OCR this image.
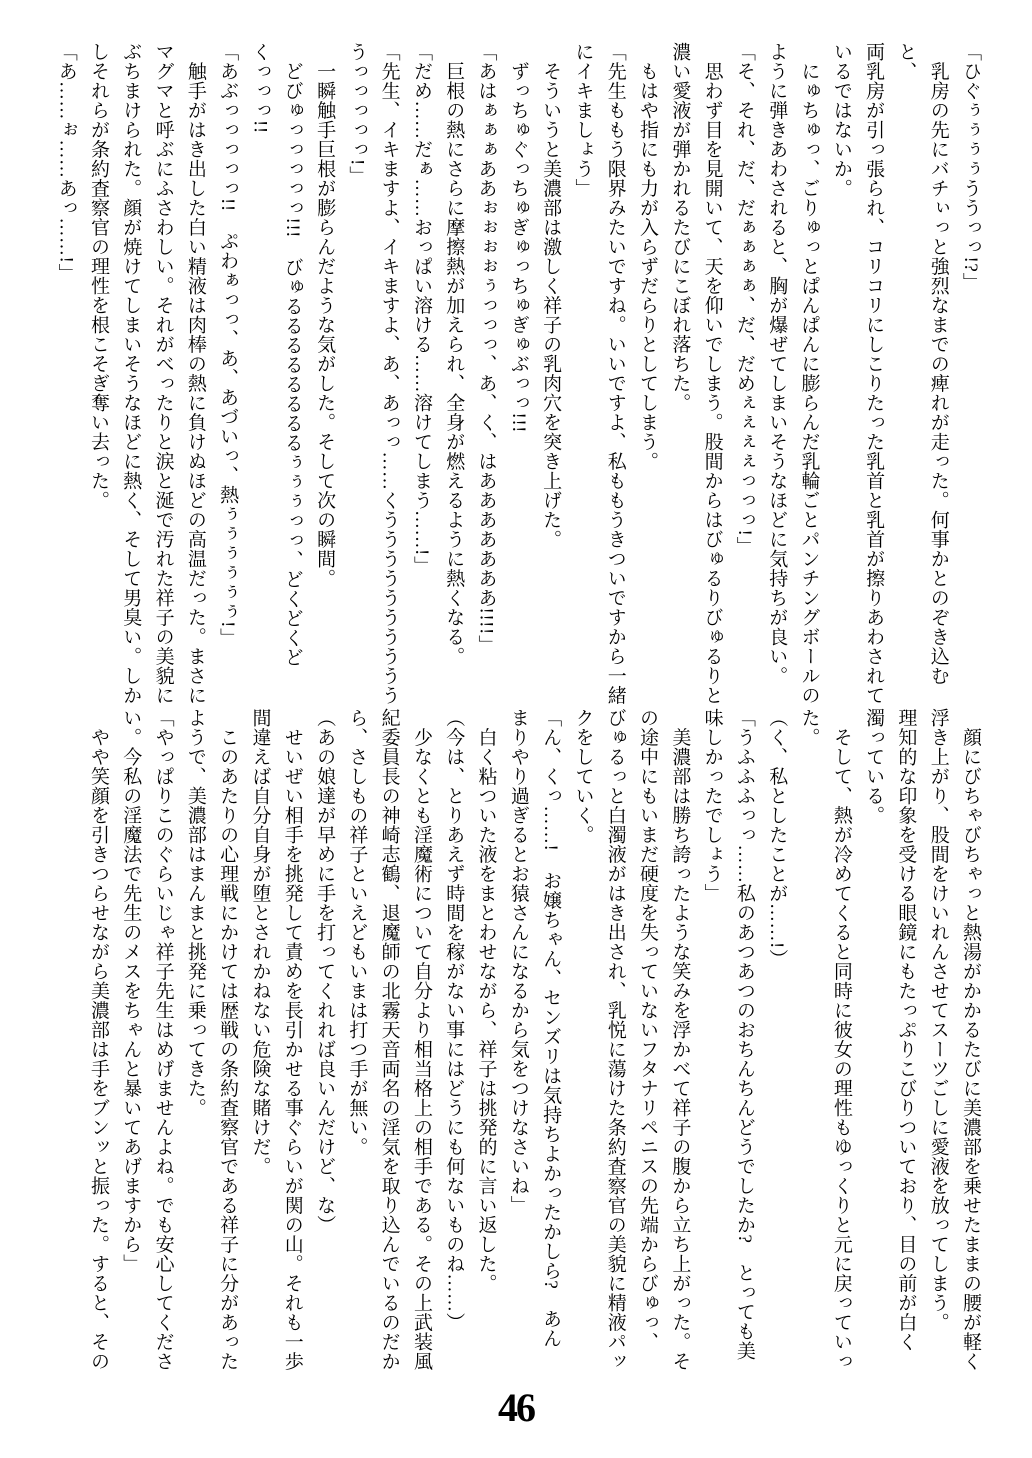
「ひぐぅぅぅぅううっっ!?」
　乳房の先にバチぃっと強烈なまでの痺れが走った。何事かとのぞき込むと、
両乳房が引っ張られ、コリコリにしこりたった乳首と乳首が擦りあわされて
いるではないか。
　にゅちゅっ、ごりゅっとぱんぱんに膨らんだ乳輪ごとパンチングボールの
ように弾きあわされると、胸が爆ぜてしまいそうなほどに気持ちが良い。
「そ、それ、だ、だぁぁぁぁ、だ、だめぇぇぇぇっっっ!」
　思わず目を見開いて、天を仰いでしまう。股間からはびゅるりびゅるりと
濃い愛液が弾かれるたびにこぼれ落ちた。
　もはや指にも力が入らずだらりとしてしまう。
「先生ももう限界みたいですね。いいですよ、私ももうきついですから一緒
にイキましょう」
　そういうと美濃部は激しく祥子の乳肉穴を突き上げた。
　ずっちゅぐっちゅぎゅっちゅぎゅぶっっ!!!
「あはぁぁぁああぉぉぉぉぅっっっ、あ、く、はあああああああ!!!!」
　巨根の熱にさらに摩擦熱が加えられ、全身が燃えるように熱くなる。
「だめ……だぁ……おっぱい溶ける……溶けてしまう……!」
「先生、イキますよ、イキますよ、あ、あっっ……くうううううううううう
うっっっっっ!」
　一瞬触手巨根が膨らんだような気がした。そして次の瞬間。
　どびゅっっっっっ!!!　びゅるるるるるるるるぅぅぅっっ、どくどくど
くっっっ!!
「あぶっっっっっ!!　ぷわぁっっ、あ、あづいっ、熱ぅぅぅぅぅぅ!」
　触手がはき出した白い精液は肉棒の熱に負けぬほどの高温だった。まさに
マグマと呼ぶにふさわしい。それがべったりと涙と涎で汚れた祥子の美貌に
ぶちまけられた。顔が焼けてしまいそうなほどに熱く、そして男臭い。しか
しそれらが条約査察官の理性を根こそぎ奪い去った。
「あ……ぉ……あっ……!」
　顔にびちゃびちゃっと熱湯がかかるたびに美濃部を乗せたままの腰が軽く
浮き上がり、股間をけいれんさせてスーツごしに愛液を放ってしまう。
理知的な印象を受ける眼鏡にもたっぷりこびりついており、目の前が白く
濁っている。
　そして、熱が冷めてくると同時に彼女の理性もゆっくりと元に戻っていっ
た。
（く、私としたことが……!）
「うふふふっっ……私のあつあつのおちんちんどうでしたか?　とっても美
味しかったでしょう」
　美濃部は勝ち誇ったような笑みを浮かべて祥子の腹から立ち上がった。そ
の途中にもいまだ硬度を失っていないフタナリペニスの先端からびゅっ、
びゅるっと白濁液がはき出され、乳悦に蕩けた条約査察官の美貌に精液パッ
クをしていく。
「ん、くっ……!　お嬢ちゃん、センズリは気持ちよかったかしら?　あん
まりやり過ぎるとお猿さんになるから気をつけなさいね」
　白く粘ついた液をまとわせながら、祥子は挑発的に言い返した。
（今は、とりあえず時間を稼がない事にはどうにも何ないものね……）
　少なくとも淫魔術について自分より相当格上の相手である。その上武装風
紀委員長の神崎志鶴、退魔師の北霧天音両名の淫気を取り込んでいるのだか
ら、さしもの祥子といえどもいまは打つ手が無い。
（あの娘達が早めに手を打ってくれれば良いんだけど、な）
　せいぜい相手を挑発して責めを長引かせる事ぐらいが関の山。それも一歩
間違えば自分自身が堕とされかねない危険な賭けだ。
　このあたりの心理戦にかけては歴戦の条約査察官である祥子に分があった
ようで、美濃部はまんまと挑発に乗ってきた。
「やっぱりこのぐらいじゃ祥子先生はめげませんよね。でも安心してくださ
い。今私の淫魔法で先生のメスをちゃんと暴いてあげますから」
　やや笑顔を引きつらせながら美濃部は手をブンッと振った。すると、その
46
